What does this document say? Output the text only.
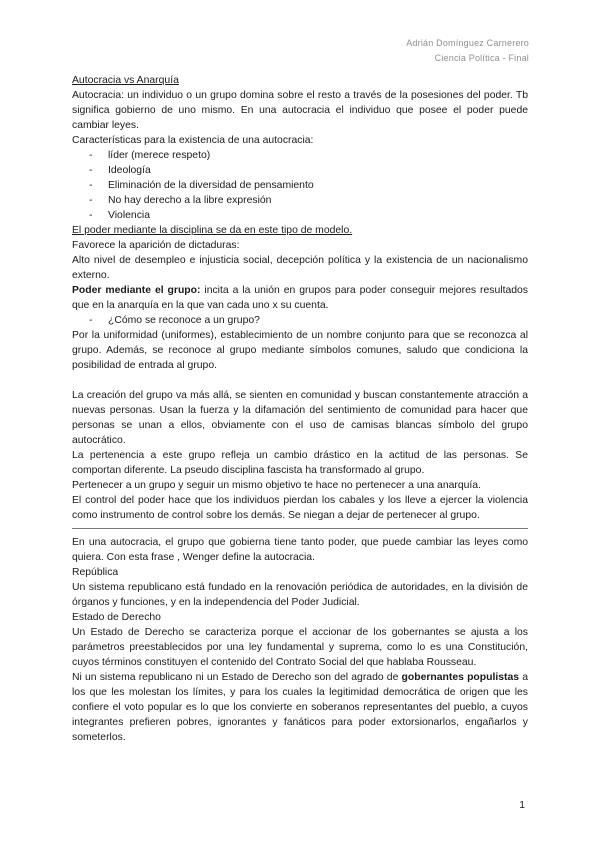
Adrián Domínguez Carnerero
Ciencia Política - Final

Autocracia vs Anarquía

Autocracia: un individuo o un grupo domina sobre el resto a través de la posesiones del poder. Tb significa gobierno de uno mismo. En una autocracia el individuo que posee el poder puede cambiar leyes.

Características para la existencia de una autocracia:

- líder (merece respeto)
- Ideología
- Eliminación de la diversidad de pensamiento
- No hay derecho a la libre expresión
- Violencia

El poder mediante la disciplina se da en este tipo de modelo.

Favorece la aparición de dictaduras:

Alto nivel de desempleo e injusticia social, decepción política y la existencia de un nacionalismo externo.

Poder mediante el grupo: incita a la unión en grupos para poder conseguir mejores resultados que en la anarquía en la que van cada uno x su cuenta.

- ¿Cómo se reconoce a un grupo?

Por la uniformidad (uniformes), establecimiento de un nombre conjunto para que se reconozca al grupo. Además, se reconoce al grupo mediante símbolos comunes, saludo que condiciona la posibilidad de entrada al grupo.

La creación del grupo va más allá, se sienten en comunidad y buscan constantemente atracción a nuevas personas. Usan la fuerza y la difamación del sentimiento de comunidad para hacer que personas se unan a ellos, obviamente con el uso de camisas blancas símbolo del grupo autocrático.

La pertenencia a este grupo refleja un cambio drástico en la actitud de las personas. Se comportan diferente. La pseudo disciplina fascista ha transformado al grupo.

Pertenecer a un grupo y seguir un mismo objetivo te hace no pertenecer a una anarquía.

El control del poder hace que los individuos pierdan los cabales y los lleve a ejercer la violencia como instrumento de control sobre los demás. Se niegan a dejar de pertenecer al grupo.

En una autocracia, el grupo que gobierna tiene tanto poder, que puede cambiar las leyes como quiera. Con esta frase , Wenger define la autocracia.

República

Un sistema republicano está fundado en la renovación periódica de autoridades, en la división de órganos y funciones, y en la independencia del Poder Judicial.

Estado de Derecho

Un Estado de Derecho se caracteriza porque el accionar de los gobernantes se ajusta a los parámetros preestablecidos por una ley fundamental y suprema, como lo es una Constitución, cuyos términos constituyen el contenido del Contrato Social del que hablaba Rousseau.

Ni un sistema republicano ni un Estado de Derecho son del agrado de gobernantes populistas a los que les molestan los límites, y para los cuales la legitimidad democrática de origen que les confiere el voto popular es lo que los convierte en soberanos representantes del pueblo, a cuyos integrantes prefieren pobres, ignorantes y fanáticos para poder extorsionarlos, engañarlos y someterlos.

1
